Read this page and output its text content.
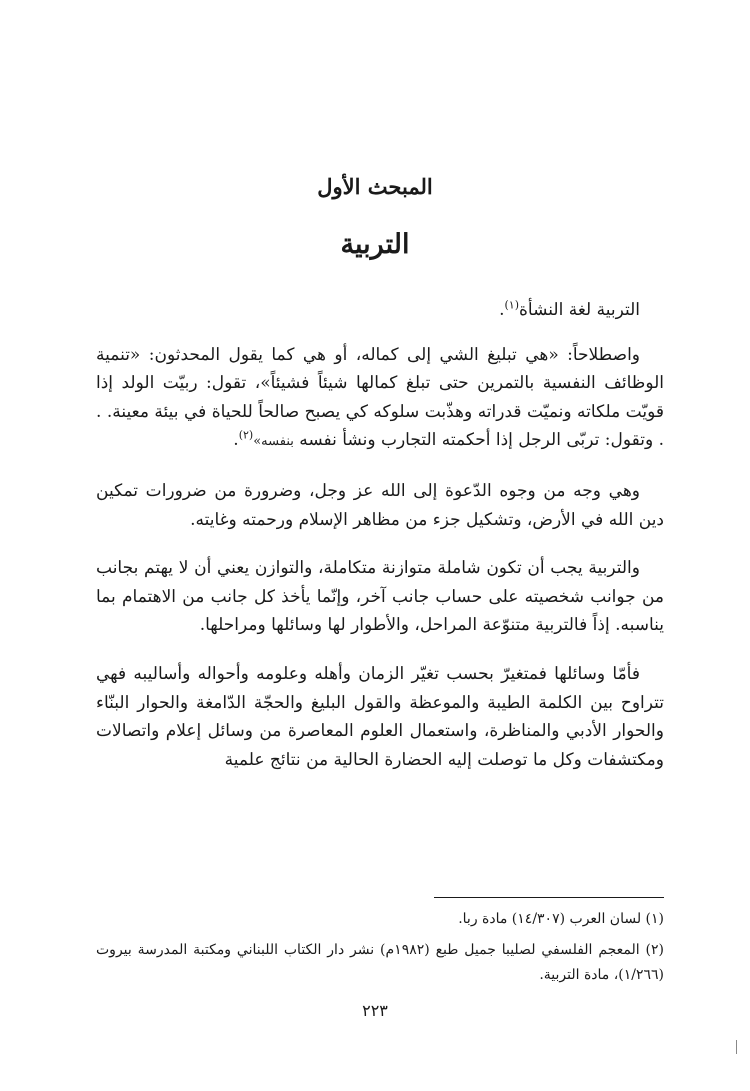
المبحث الأول
التربية

التربية لغة النشأة$^{(١)}$.

واصطلاحاً: «هي تبليغ الشي إلى كماله، أو هي كما يقول المحدثون: «تنمية الوظائف النفسية بالتمرين حتى تبلغ كمالها شيئاً فشيئاً»، تقول: ربيّت الولد إذا قويّت ملكاته ونميّت قدراته وهذّبت سلوكه كي يصبح صالحاً للحياة في بيئة معينة. . . وتقول: تربّى الرجل إذا أحكمته التجارب ونشأ نفسه بنفسه»$^{(٢)}$.

وهي وجه من وجوه الدّعوة إلى الله عز وجل، وضرورة من ضرورات تمكين دين الله في الأرض، وتشكيل جزء من مظاهر الإسلام ورحمته وغايته.

والتربية يجب أن تكون شاملة متوازنة متكاملة، والتوازن يعني أن لا يهتم بجانب من جوانب شخصيته على حساب جانب آخر، وإنّما يأخذ كل جانب من الاهتمام بما يناسبه. إذاً فالتربية متنوّعة المراحل، والأطوار لها وسائلها ومراحلها.

فأمّا وسائلها فمتغيرّ بحسب تغيّر الزمان وأهله وعلومه وأحواله وأساليبه فهي تتراوح بين الكلمة الطيبة والموعظة والقول البليغ والحجّة الدّامغة والحوار البنّاء والحوار الأدبي والمناظرة، واستعمال العلوم المعاصرة من وسائل إعلام واتصالات ومكتشفات وكل ما توصلت إليه الحضارة الحالية من نتائج علمية

(١) لسان العرب (١٤/٣٠٧) مادة ربا.

(٢) المعجم الفلسفي لصليبا جميل طبع (١٩٨٢م) نشر دار الكتاب اللبناني ومكتبة المدرسة بيروت (١/٢٦٦)، مادة التربية.

٢٢٣
